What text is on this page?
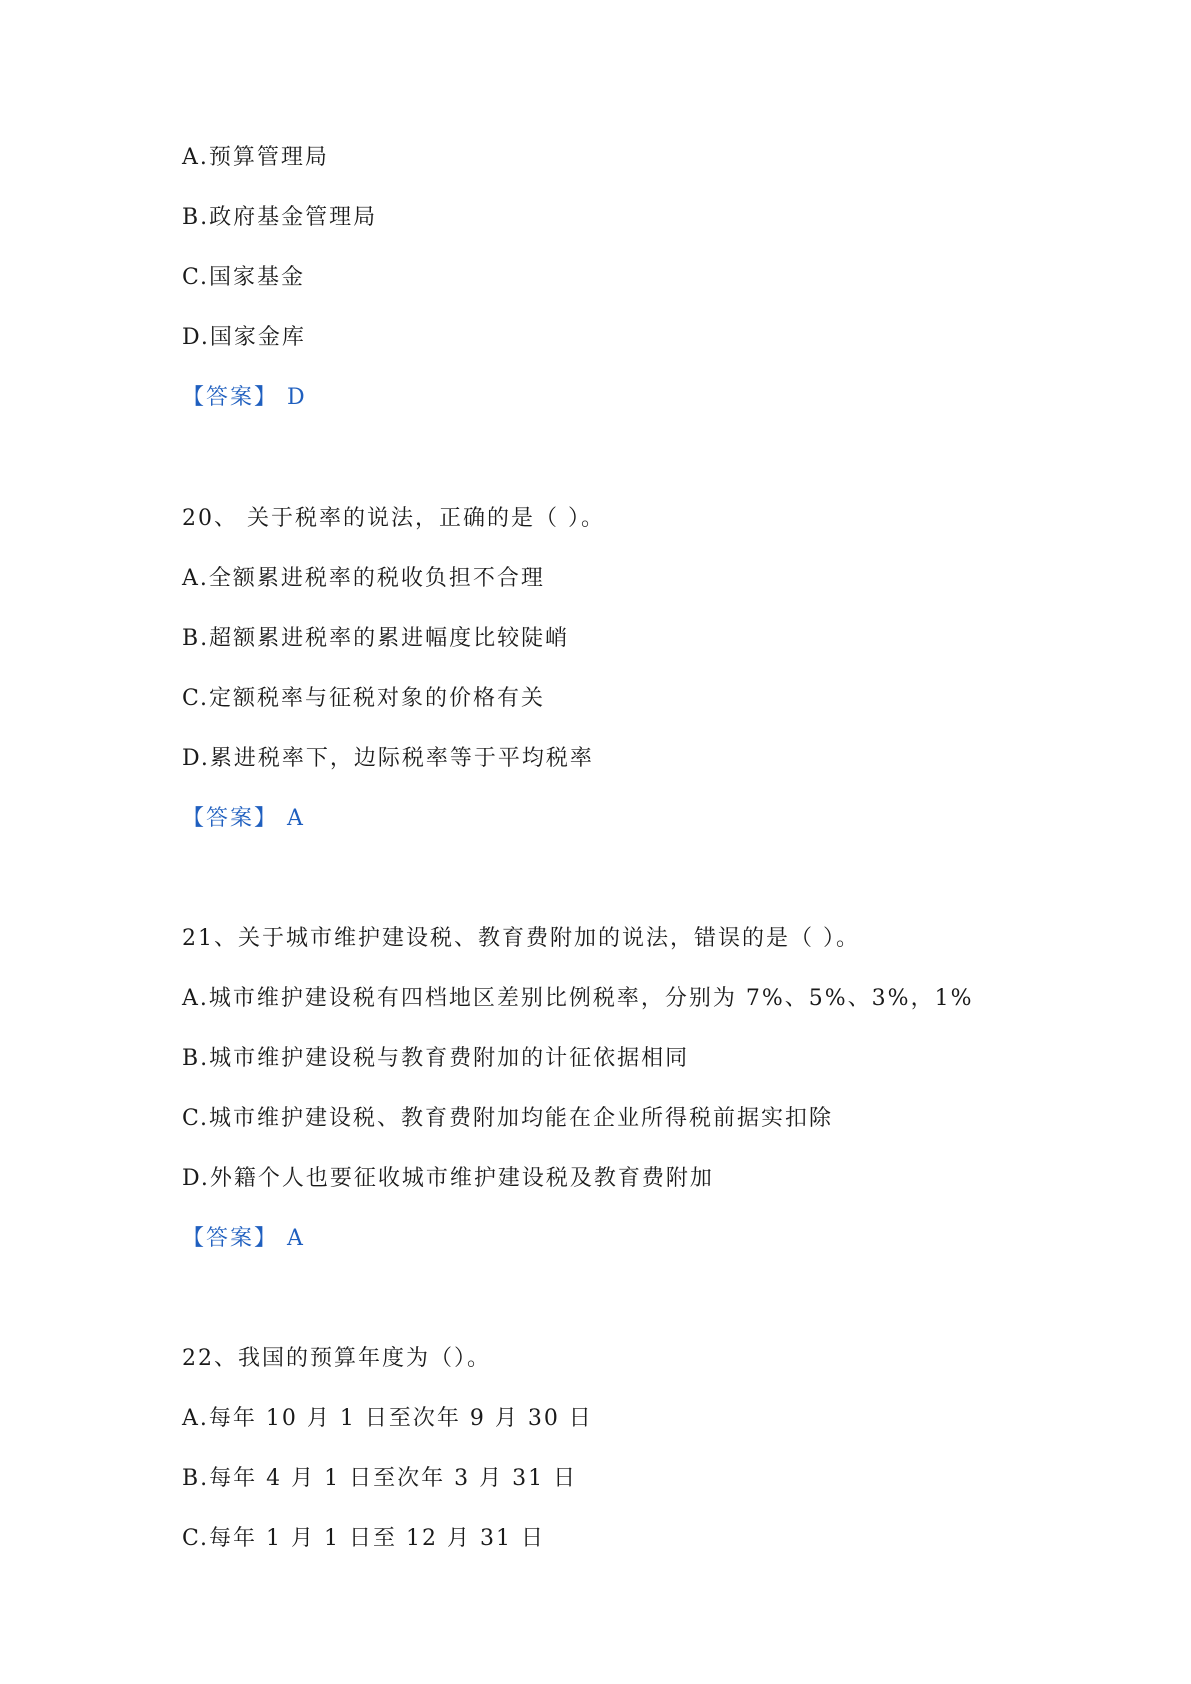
A.预算管理局
B.政府基金管理局
C.国家基金
D.国家金库
【答案】 D
20、 关于税率的说法，正确的是（ ）。
A.全额累进税率的税收负担不合理
B.超额累进税率的累进幅度比较陡峭
C.定额税率与征税对象的价格有关
D.累进税率下，边际税率等于平均税率
【答案】 A
21、关于城市维护建设税、教育费附加的说法，错误的是（ ）。
A.城市维护建设税有四档地区差别比例税率，分别为 7%、5%、3%，1%
B.城市维护建设税与教育费附加的计征依据相同
C.城市维护建设税、教育费附加均能在企业所得税前据实扣除
D.外籍个人也要征收城市维护建设税及教育费附加
【答案】 A
22、我国的预算年度为（）。
A.每年 10 月 1 日至次年 9 月 30 日
B.每年 4 月 1 日至次年 3 月 31 日
C.每年 1 月 1 日至 12 月 31 日
